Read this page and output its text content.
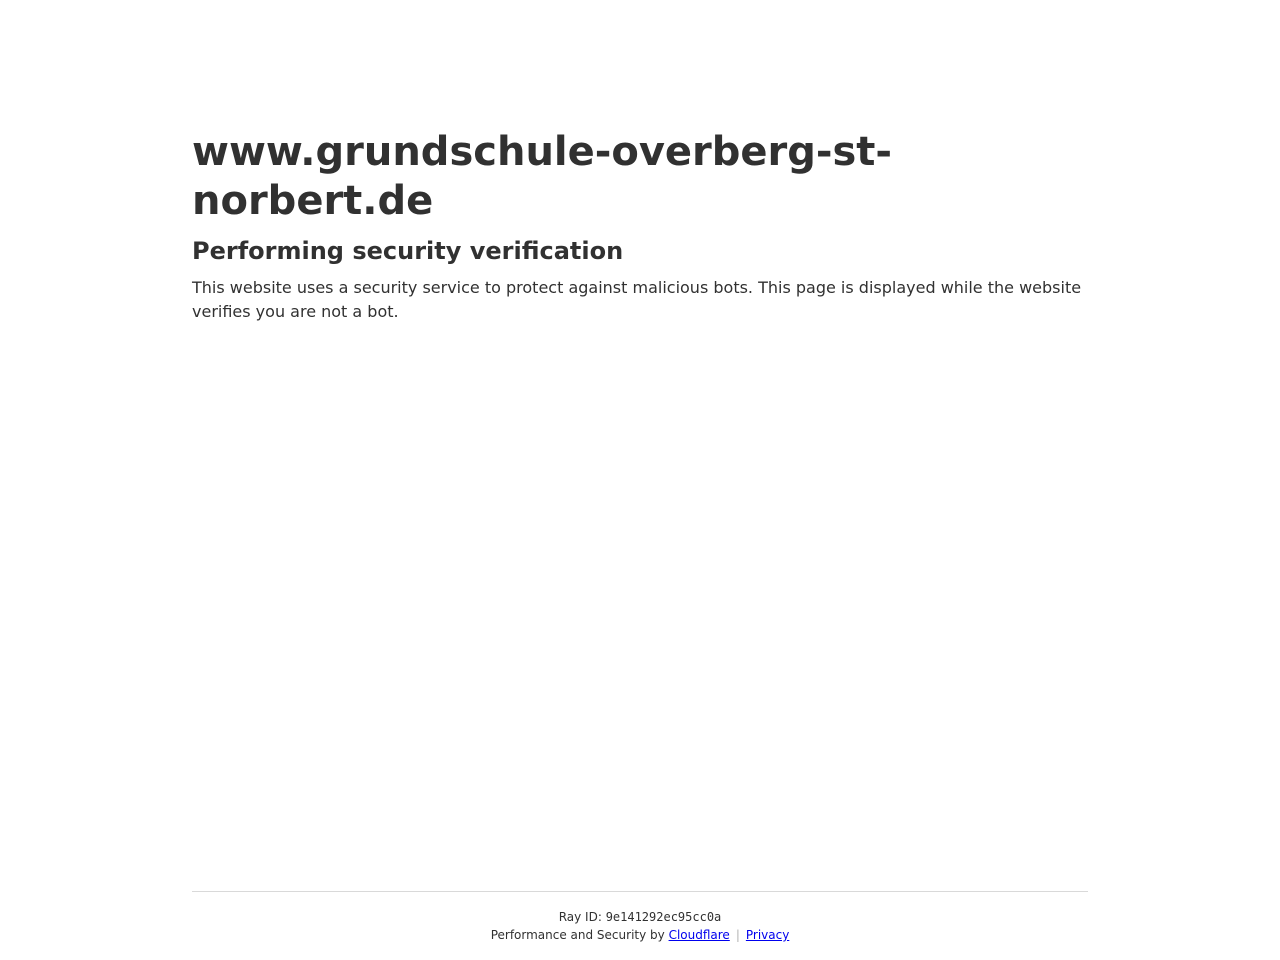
www.grundschule-overberg-st-norbert.de
Performing security verification

This website uses a security service to protect against malicious bots. This page is displayed while the website verifies you are not a bot.

Ray ID: 9e141292ec95cc0a
Performance and Security by Cloudflare | Privacy
